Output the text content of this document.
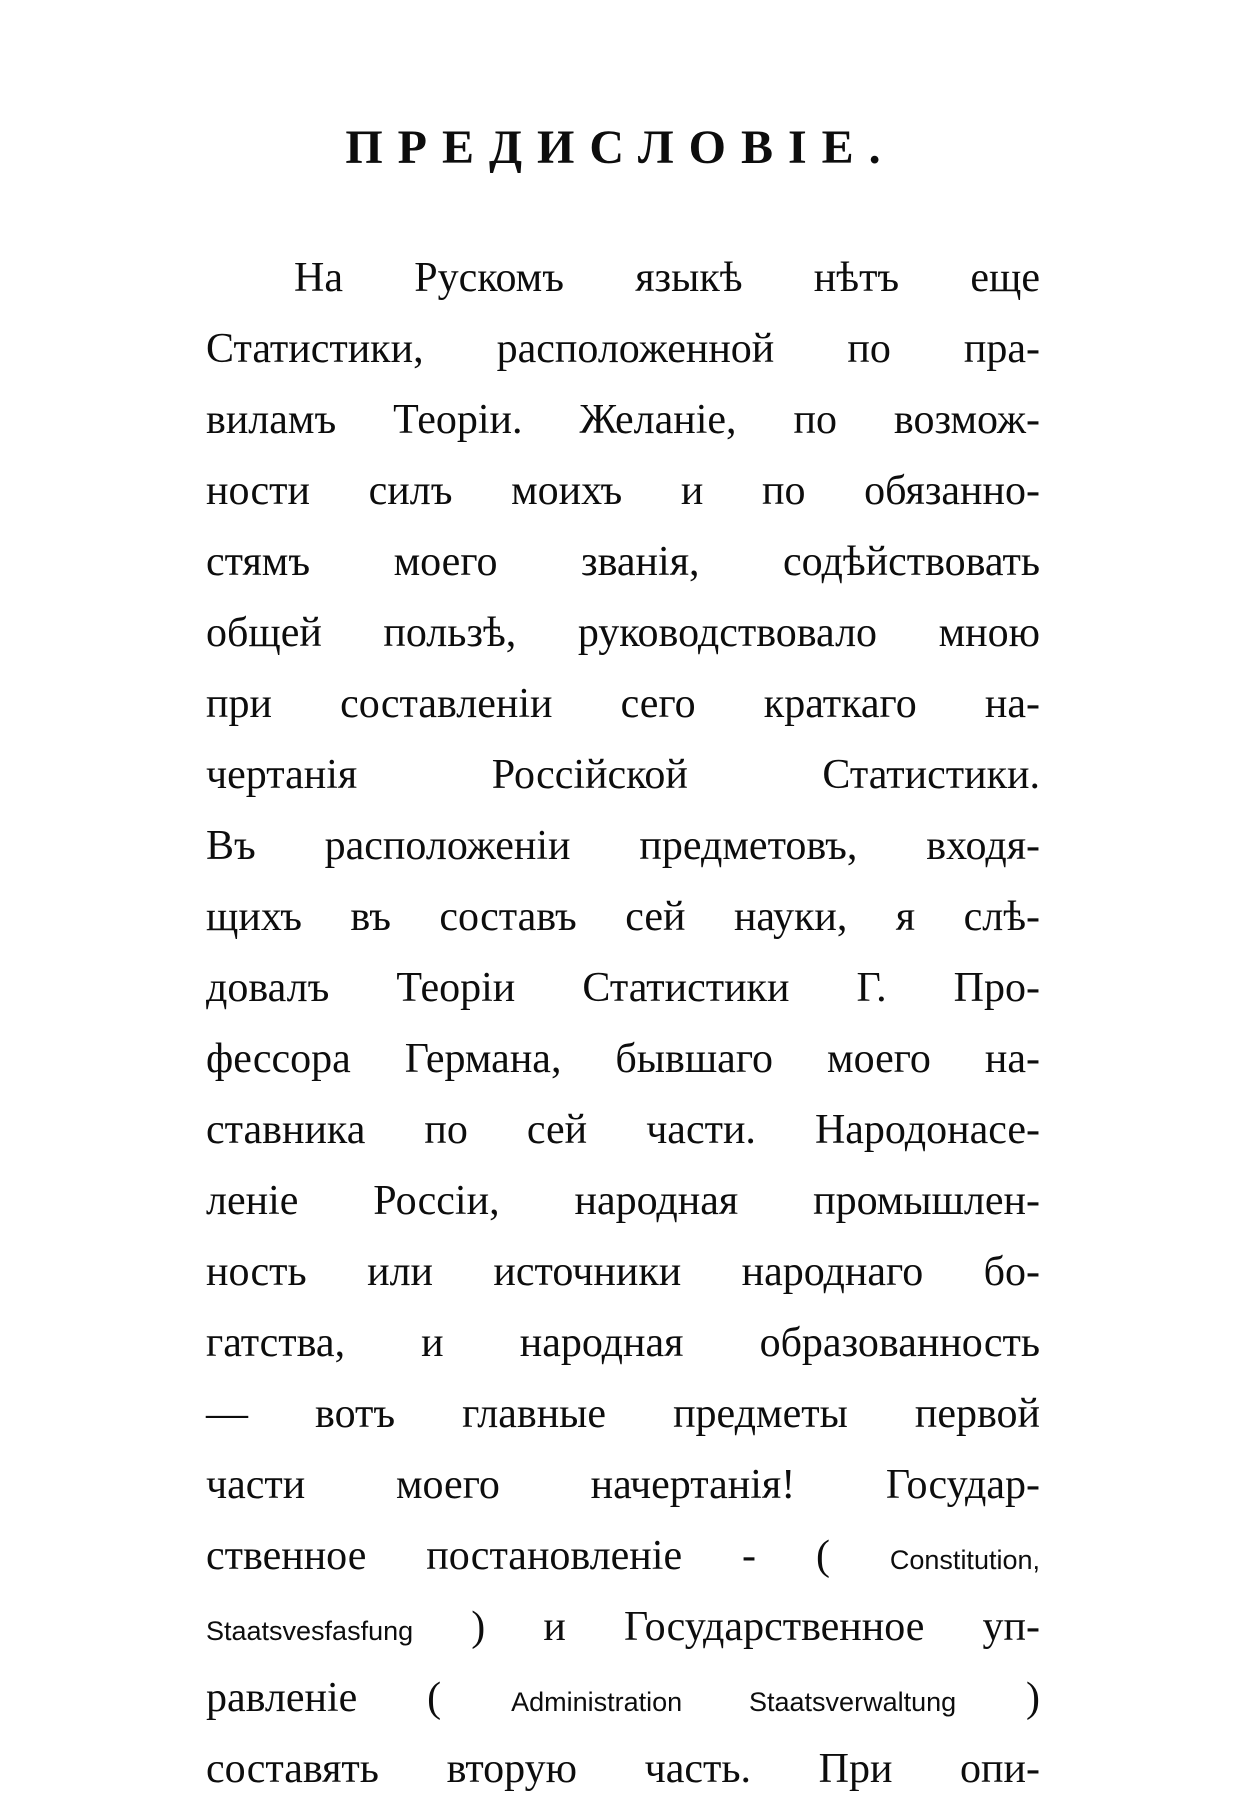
ПРЕДИСЛОВІЕ.
На Рускомъ языкѣ нѣтъ еще
Статистики, расположенной по пра-
виламъ Теоріи. Желаніе, по возмож-
ности силъ моихъ и по обязанно-
стямъ моего званія, содѣйствовать
общей пользѣ, руководствовало мною
при составленіи сего краткаго на-
чертанія Россійской Статистики.
Въ расположеніи предметовъ, входя-
щихъ въ составъ сей науки, я слѣ-
довалъ Теоріи Статистики Г. Про-
фессора Германа, бывшаго моего на-
ставника по сей части. Народонасе-
леніе Россіи, народная промышлен-
ность или источники народнаго бо-
гатства, и народная образованность
— вотъ главные предметы первой
части моего начертанія! Государ-
ственное постановленіе - ( Constitution,
Staatsvesfasfung ) и Государственное уп-
равленіе (	Administration Staatsverwaltung )
составять вторую часть. При опи-
